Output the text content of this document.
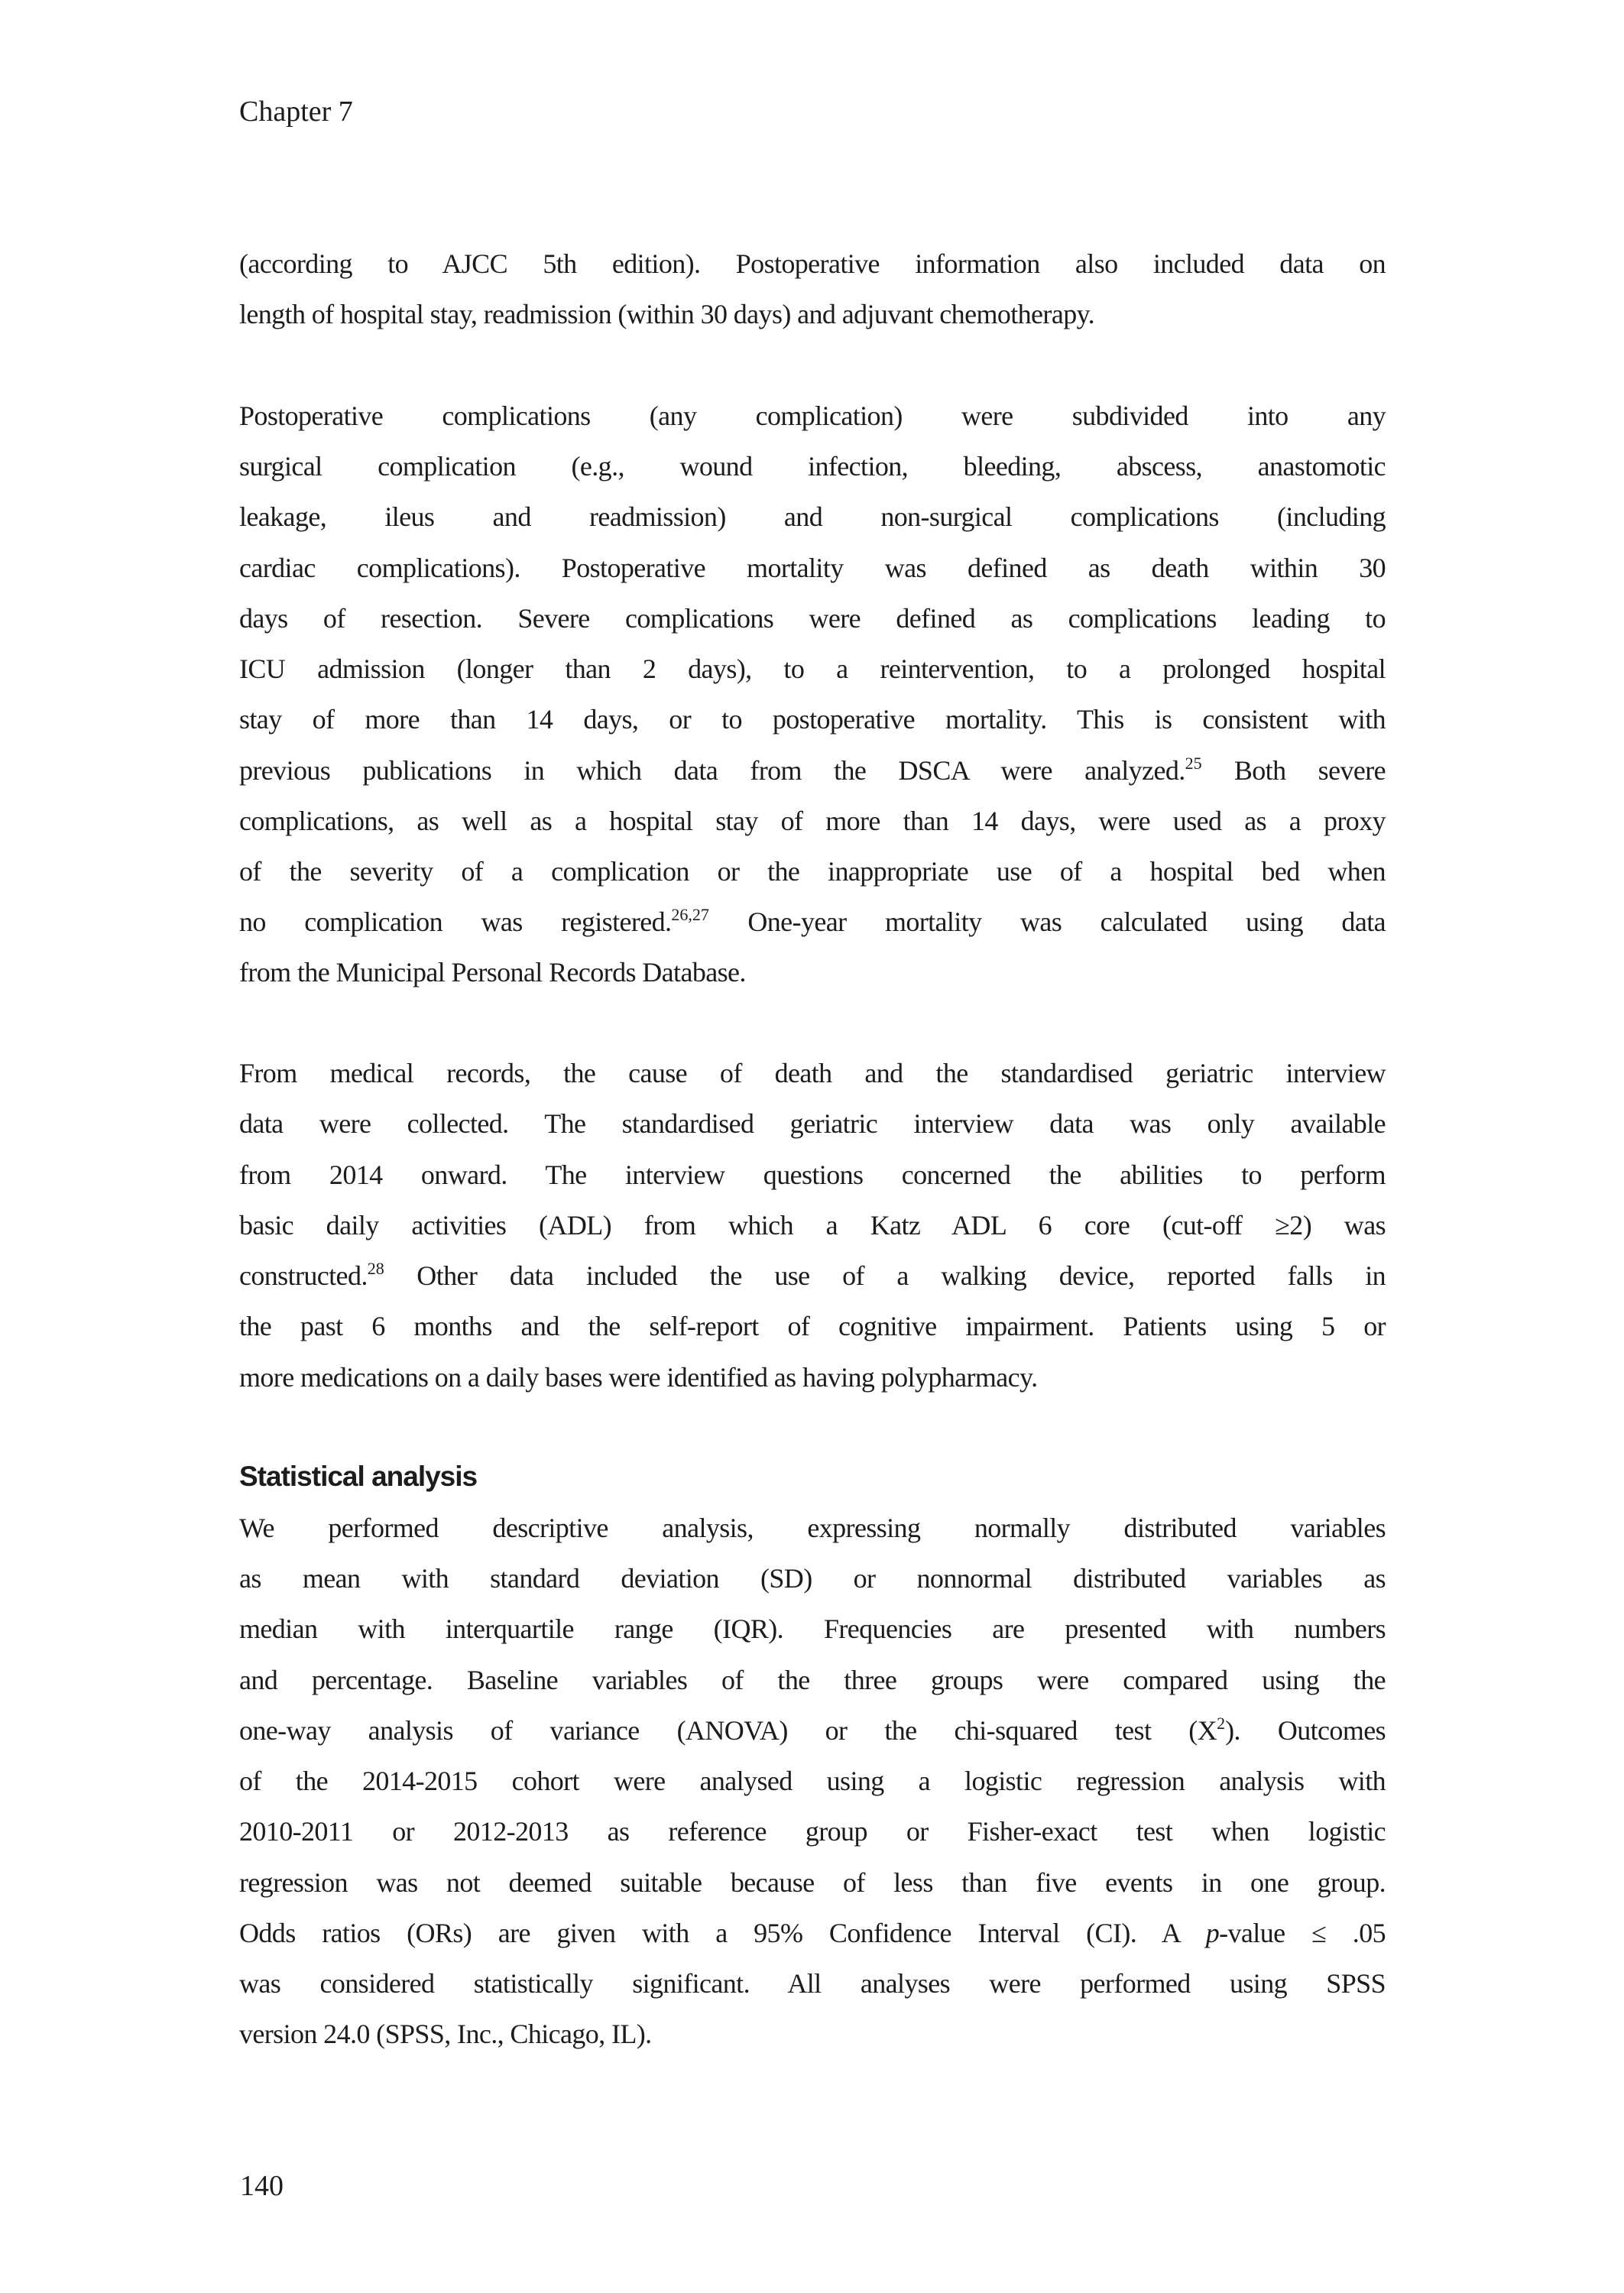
Chapter 7
(according to AJCC 5th edition). Postoperative information also included data on
length of hospital stay, readmission (within 30 days) and adjuvant chemotherapy.
Postoperative complications (any complication) were subdivided into any
surgical complication (e.g., wound infection, bleeding, abscess, anastomotic
leakage, ileus and readmission) and non-surgical complications (including
cardiac complications). Postoperative mortality was defined as death within 30
days of resection. Severe complications were defined as complications leading to
ICU admission (longer than 2 days), to a reintervention, to a prolonged hospital
stay of more than 14 days, or to postoperative mortality. This is consistent with
previous publications in which data from the DSCA were analyzed.$^{25}$ Both severe
complications, as well as a hospital stay of more than 14 days, were used as a proxy
of the severity of a complication or the inappropriate use of a hospital bed when
no complication was registered.$^{26,27}$ One-year mortality was calculated using data
from the Municipal Personal Records Database.
From medical records, the cause of death and the standardised geriatric interview
data were collected. The standardised geriatric interview data was only available
from 2014 onward. The interview questions concerned the abilities to perform
basic daily activities (ADL) from which a Katz ADL 6 core (cut-off ≥2) was
constructed.$^{28}$ Other data included the use of a walking device, reported falls in
the past 6 months and the self-report of cognitive impairment. Patients using 5 or
more medications on a daily bases were identified as having polypharmacy.
Statistical analysis
We performed descriptive analysis, expressing normally distributed variables
as mean with standard deviation (SD) or nonnormal distributed variables as
median with interquartile range (IQR). Frequencies are presented with numbers
and percentage. Baseline variables of the three groups were compared using the
one-way analysis of variance (ANOVA) or the chi-squared test $(X^2)$. Outcomes
of the 2014-2015 cohort were analysed using a logistic regression analysis with
2010-2011 or 2012-2013 as reference group or Fisher-exact test when logistic
regression was not deemed suitable because of less than five events in one group.
Odds ratios (ORs) are given with a 95% Confidence Interval (CI). A p-value ≤ .05
was considered statistically significant. All analyses were performed using SPSS
version 24.0 (SPSS, Inc., Chicago, IL).
140
